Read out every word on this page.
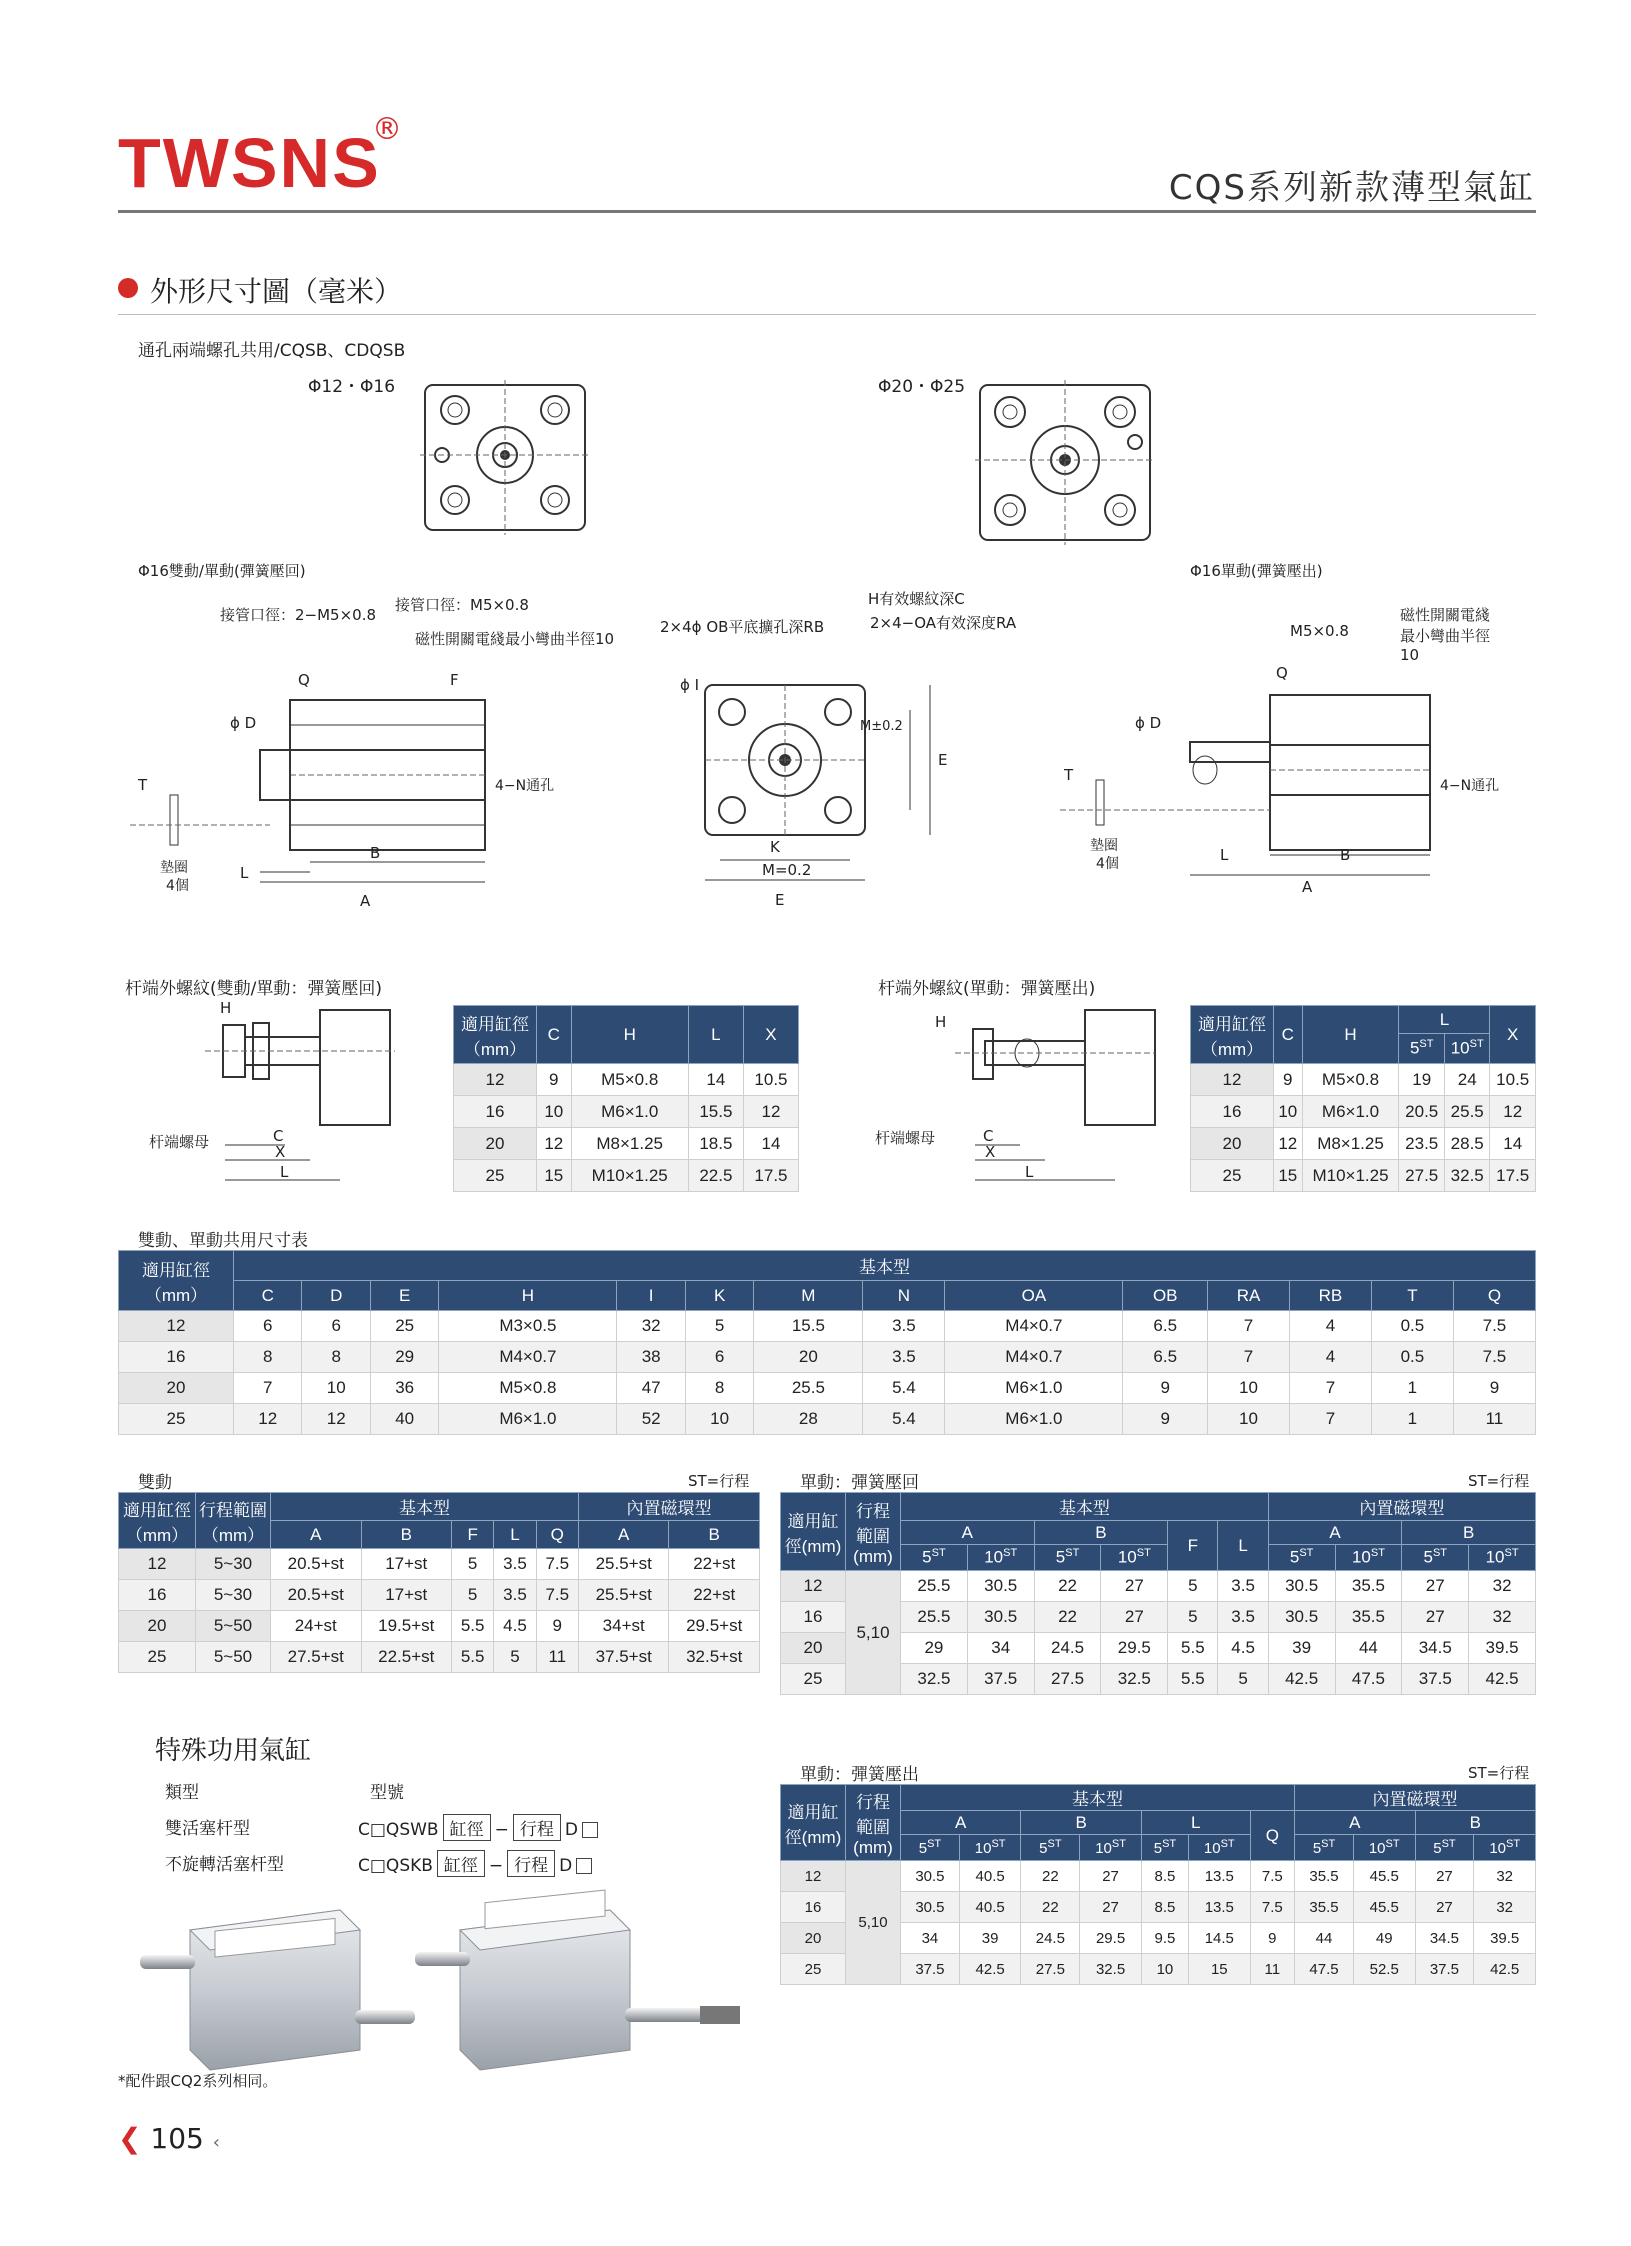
TWSNS
®
CQS系列新款薄型氣缸
外形尺寸圖（毫米）
通孔兩端螺孔共用/CQSB、CDQSB
Φ12・Φ16	Φ20・Φ25
Φ16雙動/單動(彈簧壓回)	Φ16單動(彈簧壓出)
接管口徑：M5×0.8
接管口徑：2−M5×0.8
磁性開關電綫最小彎曲半徑10
H有效螺紋深C
2×4ϕ OB平底擴孔深RB	2×4−OA有效深度RA	M5×0.8
磁性開關電綫最小彎曲半徑10
ϕ D
T
Q	F
L
B
A
4−N通孔
墊圈
4個
ϕ I
K
M=0.2
E
E
M±0.2
Q
ϕ D
T
L	B
A
4−N通孔
墊圈
4個
杆端外螺紋(雙動/單動：彈簧壓回)
H
杆端螺母	C
X
L
適用缸徑（mm）	C	H	L	X
12	9	M5×0.8	14	10.5
16	10	M6×1.0	15.5	12
20	12	M8×1.25	18.5	14
25	15	M10×1.25	22.5	17.5
杆端外螺紋(單動：彈簧壓出)
H
杆端螺母	C
X
L
適用缸徑（mm）	C	H	L		X
			5ST	10ST
12	9	M5×0.8	19	24	10.5
16	10	M6×1.0	20.5	25.5	12
20	12	M8×1.25	23.5	28.5	14
25	15	M10×1.25	27.5	32.5	17.5
雙動、單動共用尺寸表
適用缸徑（mm）	基本型													
	C	D	E	H	I	K	M	N	OA	OB	RA	RB	T	Q
12	6	6	25	M3×0.5	32	5	15.5	3.5	M4×0.7	6.5	7	4	0.5	7.5
16	8	8	29	M4×0.7	38	6	20	3.5	M4×0.7	6.5	7	4	0.5	7.5
20	7	10	36	M5×0.8	47	8	25.5	5.4	M6×1.0	9	10	7	1	9
25	12	12	40	M6×1.0	52	10	28	5.4	M6×1.0	9	10	7	1	11
雙動	ST=行程
適用缸徑（mm）	行程範圍（mm）	基本型					內置磁環型	
		A	B	F	L	Q	A	B
12	5~30	20.5+st	17+st	5	3.5	7.5	25.5+st	22+st
16	5~30	20.5+st	17+st	5	3.5	7.5	25.5+st	22+st
20	5~50	24+st	19.5+st	5.5	4.5	9	34+st	29.5+st
25	5~50	27.5+st	22.5+st	5.5	5	11	37.5+st	32.5+st
單動：彈簧壓回	ST=行程
適用缸徑(mm)	行程範圍(mm)	基本型						內置磁環型			
		A		B		F	L	A		B	
		5ST	10ST	5ST	10ST			5ST	10ST	5ST	10ST
12	5,10	25.5	30.5	22	27	5	3.5	30.5	35.5	27	32
16		25.5	30.5	22	27	5	3.5	30.5	35.5	27	32
20		29	34	24.5	29.5	5.5	4.5	39	44	34.5	39.5
25		32.5	37.5	27.5	32.5	5.5	5	42.5	47.5	37.5	42.5
單動：彈簧壓出	ST=行程
適用缸徑(mm)	行程範圍(mm)	基本型							內置磁環型			
		A		B		L		Q	A		B	
		5ST	10ST	5ST	10ST	5ST	10ST		5ST	10ST	5ST	10ST
12	5,10	30.5	40.5	22	27	8.5	13.5	7.5	35.5	45.5	27	32
16		30.5	40.5	22	27	8.5	13.5	7.5	35.5	45.5	27	32
20		34	39	24.5	29.5	9.5	14.5	9	44	49	34.5	39.5
25		37.5	42.5	27.5	32.5	10	15	11	47.5	52.5	37.5	42.5
特殊功用氣缸
類型	型號
雙活塞杆型	C□QSWB 缸徑 − 行程 D
不旋轉活塞杆型	C□QSKB 缸徑 − 行程 D
*配件跟CQ2系列相同。
❮ 105 ‹
